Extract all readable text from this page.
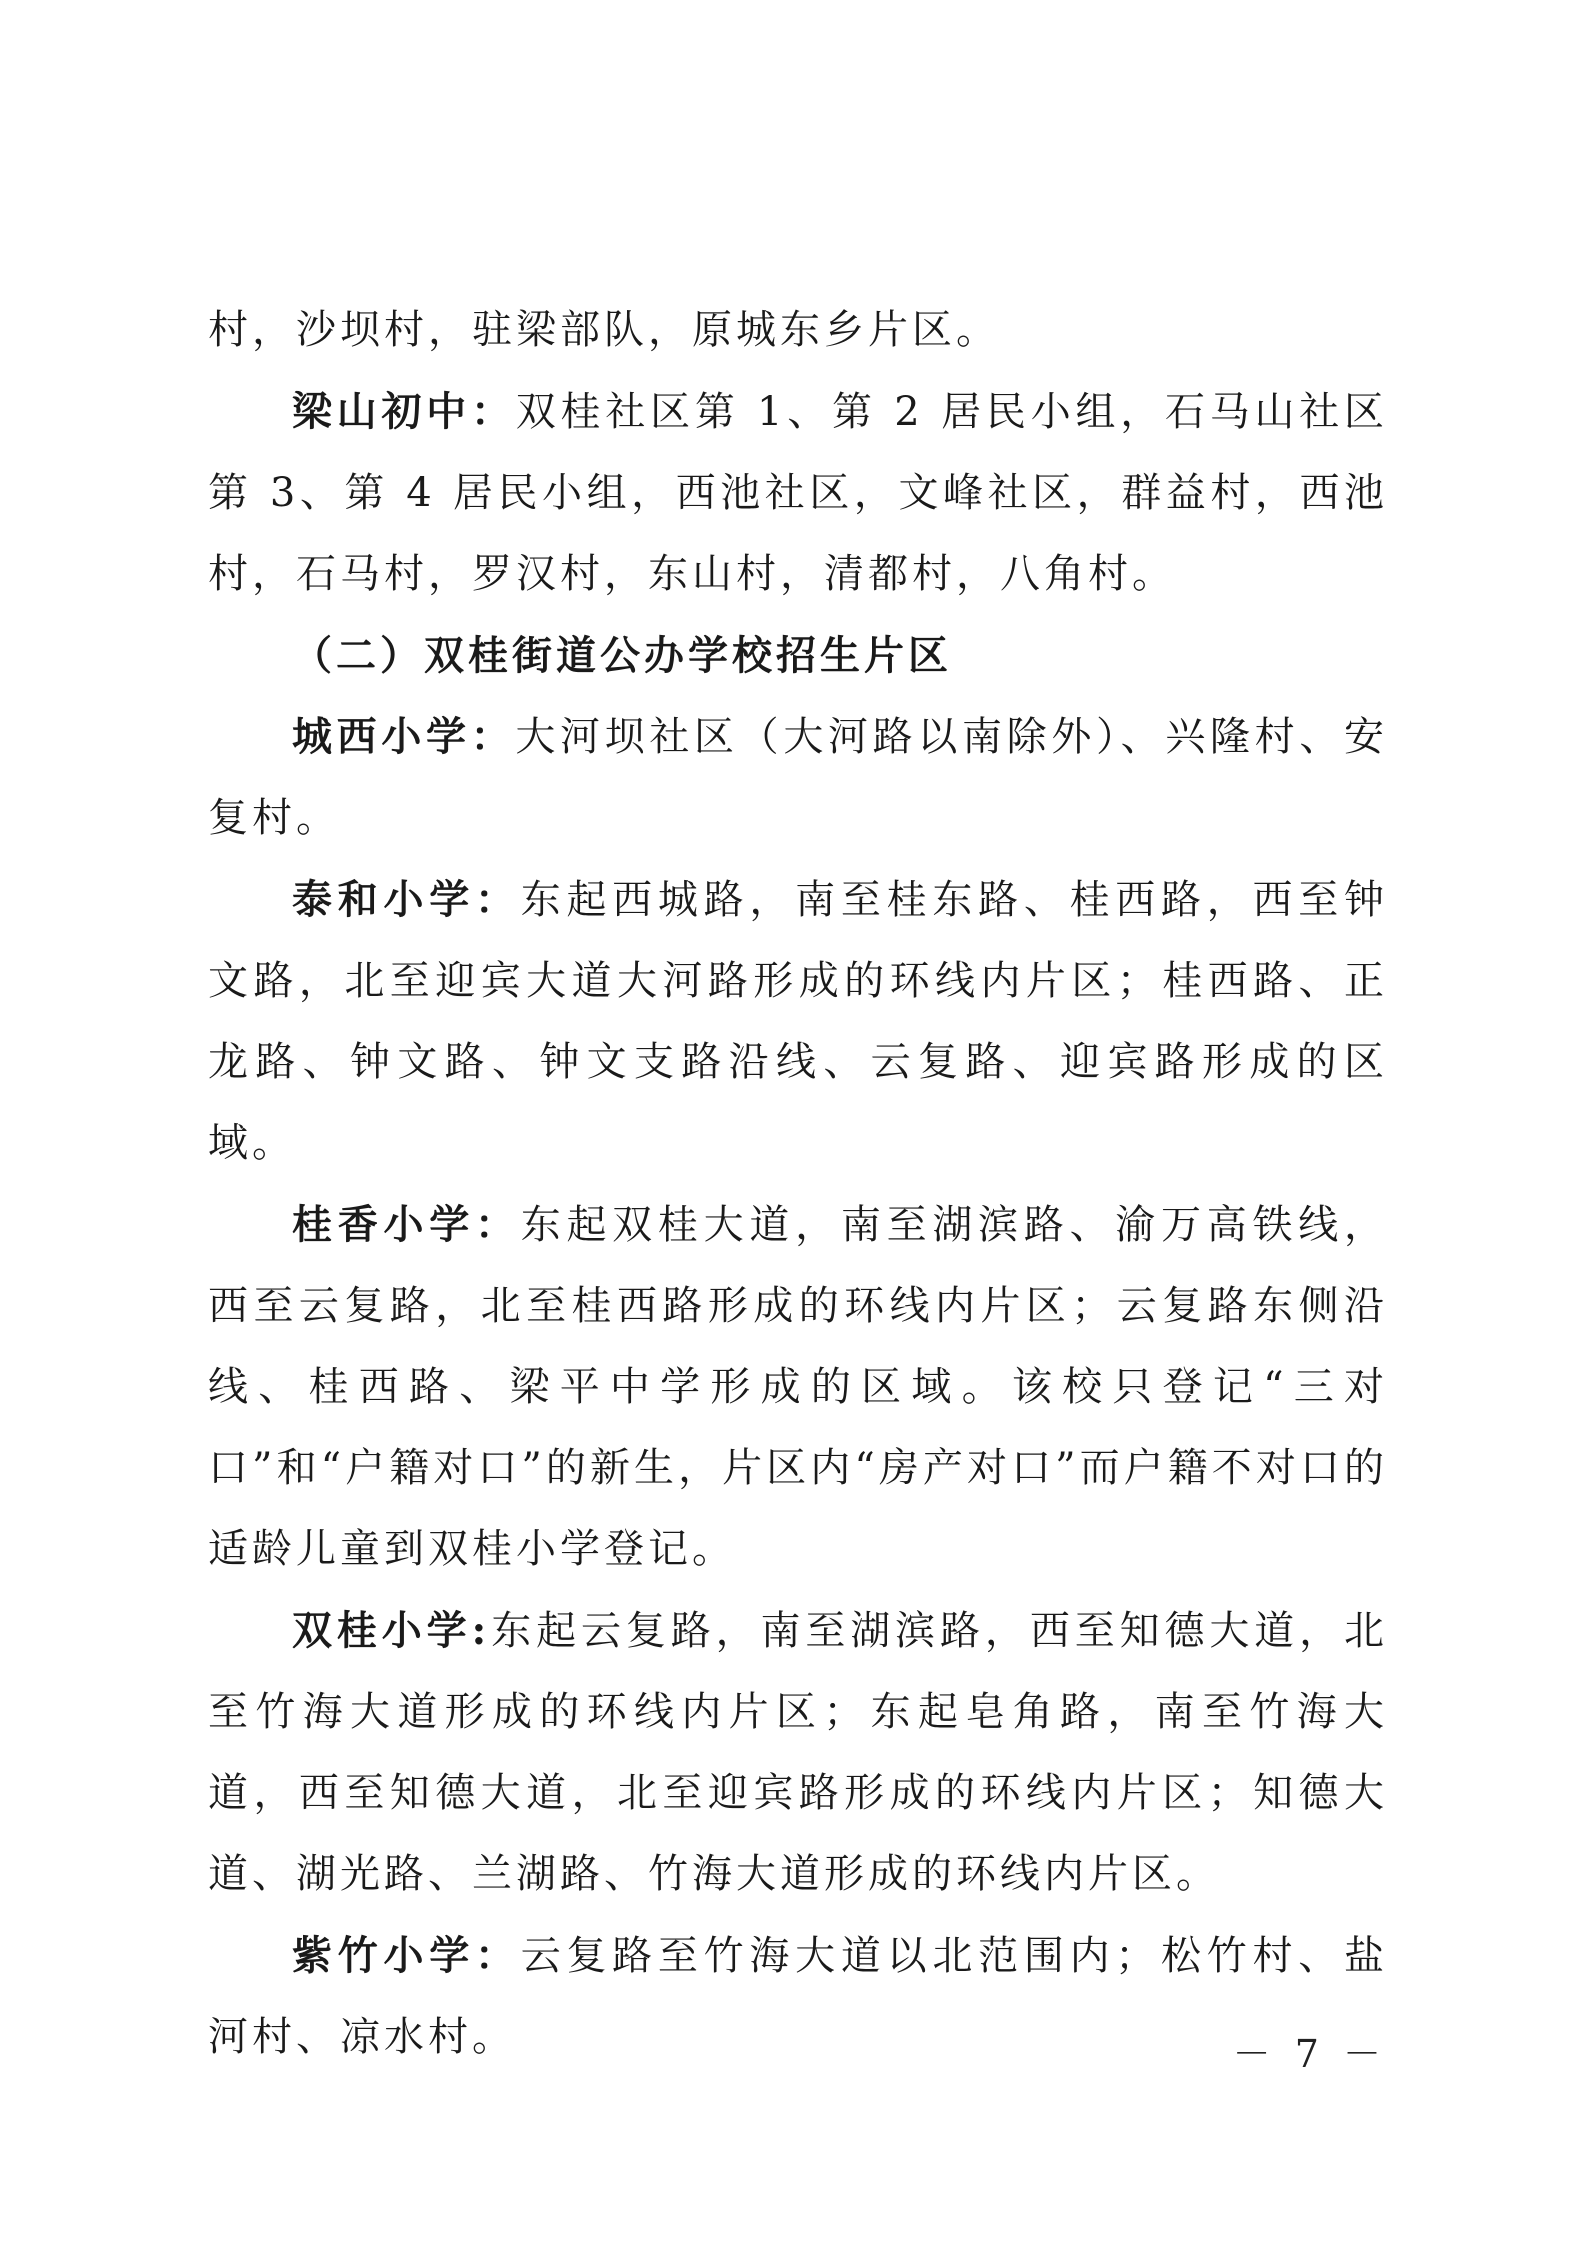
村，沙坝村，驻梁部队，原城东乡片区。

梁山初中：双桂社区第 1、第 2 居民小组，石马山社区第 3、第 4 居民小组，西池社区，文峰社区，群益村，西池村，石马村，罗汉村，东山村，清都村，八角村。

（二）双桂街道公办学校招生片区

城西小学：大河坝社区（大河路以南除外）、兴隆村、安复村。

泰和小学：东起西城路，南至桂东路、桂西路，西至钟文路，北至迎宾大道大河路形成的环线内片区；桂西路、正龙路、钟文路、钟文支路沿线、云复路、迎宾路形成的区域。

桂香小学：东起双桂大道，南至湖滨路、渝万高铁线，西至云复路，北至桂西路形成的环线内片区；云复路东侧沿线、桂西路、梁平中学形成的区域。该校只登记“三对口”和“户籍对口”的新生，片区内“房产对口”而户籍不对口的适龄儿童到双桂小学登记。

双桂小学:东起云复路，南至湖滨路，西至知德大道，北至竹海大道形成的环线内片区；东起皂角路，南至竹海大道，西至知德大道，北至迎宾路形成的环线内片区；知德大道、湖光路、兰湖路、竹海大道形成的环线内片区。

紫竹小学：云复路至竹海大道以北范围内；松竹村、盐河村、凉水村。	－ 7 －
